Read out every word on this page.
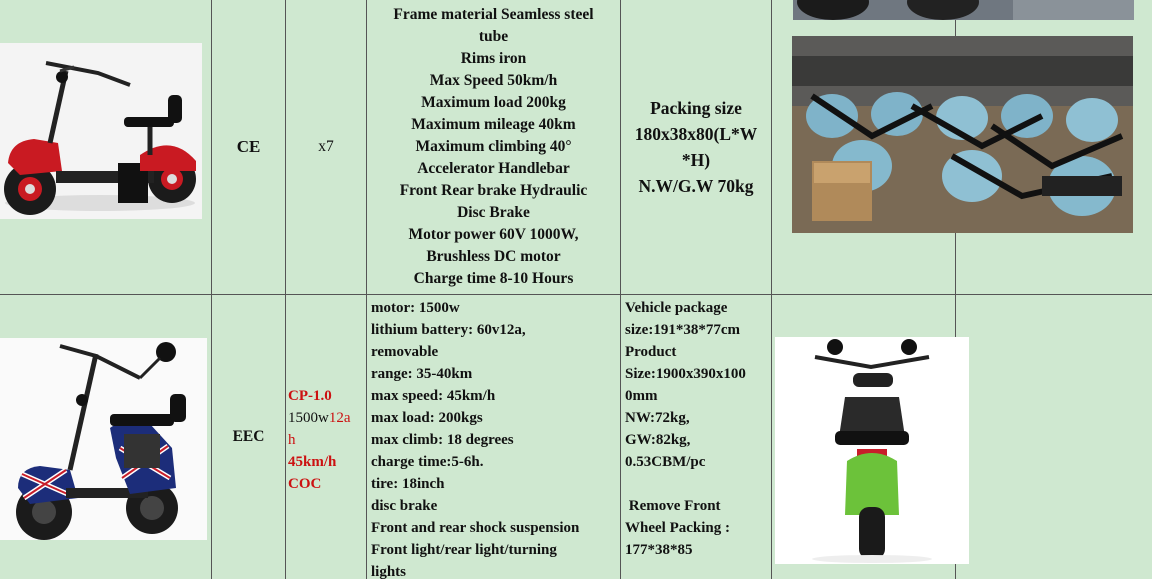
CE	x7
Frame material Seamless steel
tube
Rims iron
Max Speed 50km/h
Maximum load 200kg
Maximum mileage 40km
Maximum climbing 40°
Accelerator Handlebar
Front Rear brake Hydraulic
Disc Brake
Motor power 60V 1000W,
Brushless DC motor
Charge time 8-10 Hours
Packing size
180x38x80(L*W
*H)
N.W/G.W 70kg
EEC
CP-1.0
1500w12a
h
45km/h
COC
motor: 1500w
lithium battery: 60v12a,
removable
range: 35-40km
max speed: 45km/h
max load: 200kgs
max climb: 18 degrees
charge time:5-6h.
tire: 18inch
disc brake
Front and rear shock suspension
Front light/rear light/turning
lights
Vehicle package
size:191*38*77cm
Product
Size:1900x390x100
0mm
NW:72kg,
GW:82kg,
0.53CBM/pc
Remove Front
Wheel Packing :
177*38*85
